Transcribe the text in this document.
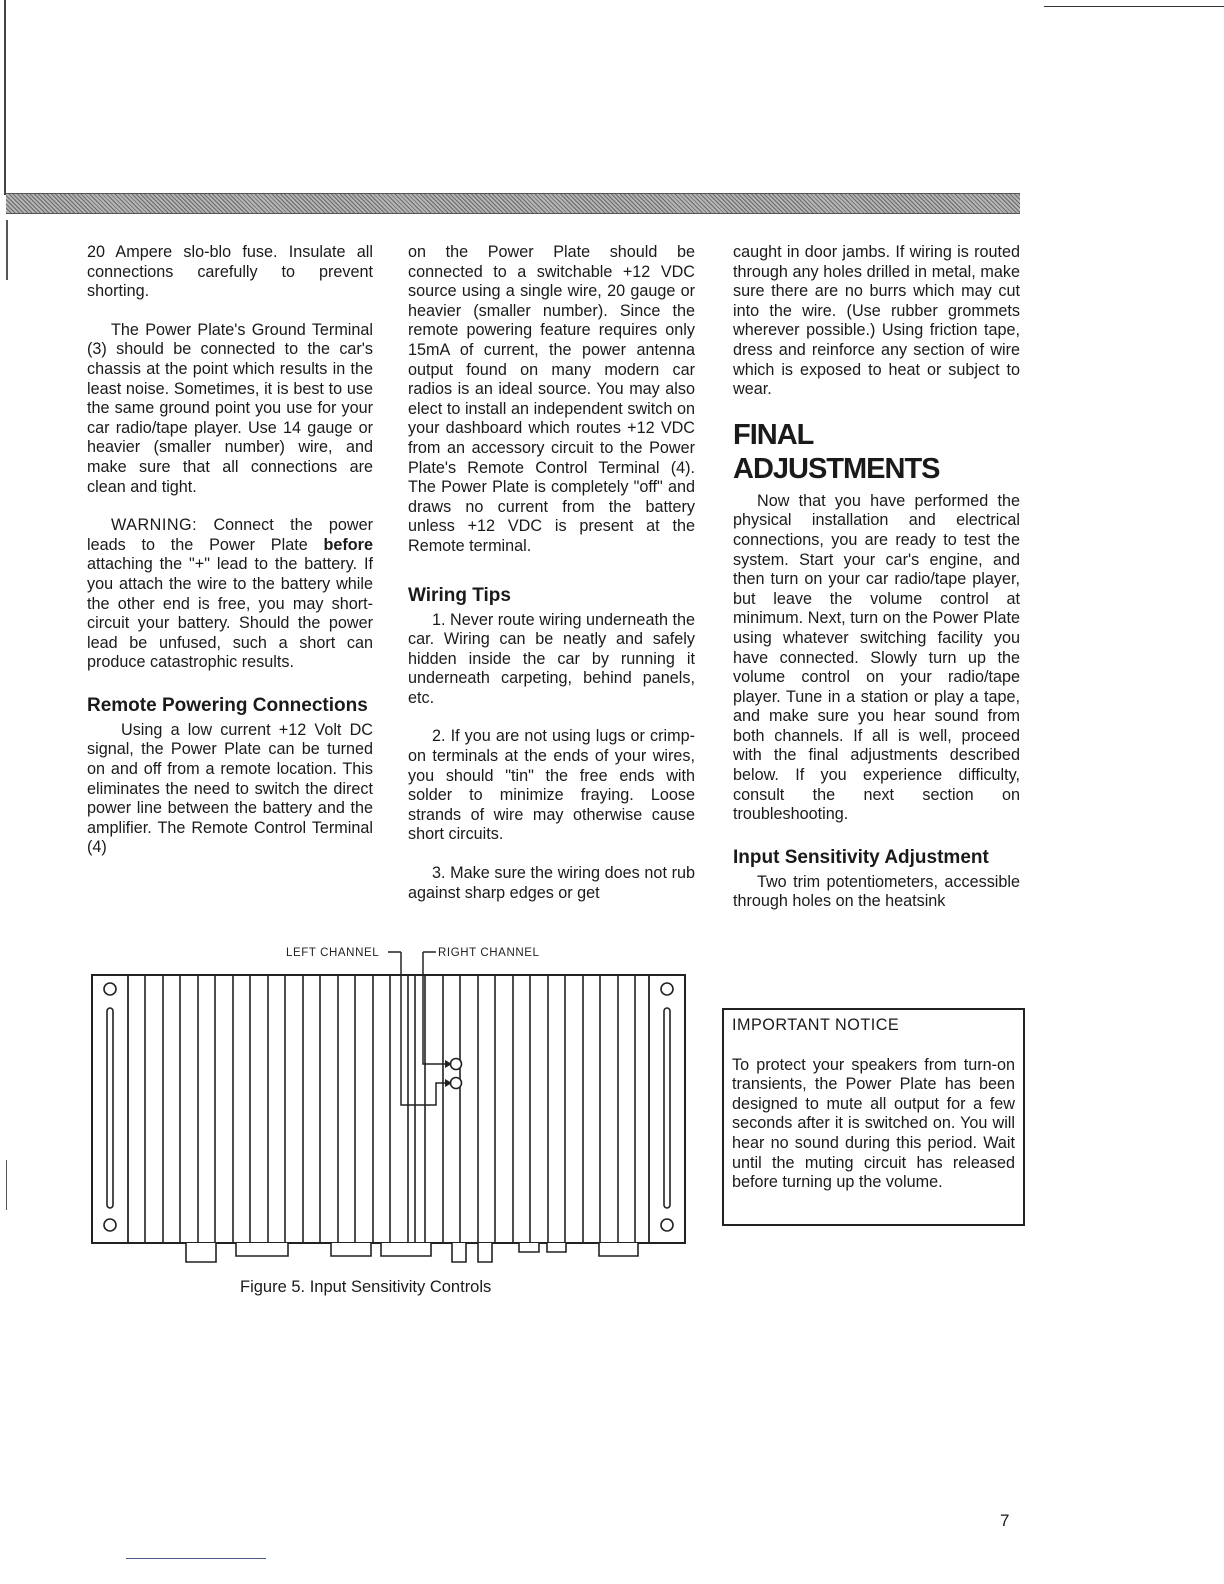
20 Ampere slo-blo fuse. Insulate all connections carefully to prevent shorting.

The Power Plate's Ground Terminal (3) should be connected to the car's chassis at the point which results in the least noise. Sometimes, it is best to use the same ground point you use for your car radio/tape player. Use 14 gauge or heavier (smaller number) wire, and make sure that all connections are clean and tight.

WARNING: Connect the power leads to the Power Plate before attaching the "+" lead to the battery. If you attach the wire to the battery while the other end is free, you may short-circuit your battery. Should the power lead be unfused, such a short can produce catastrophic results.

Remote Powering Connections

Using a low current +12 Volt DC signal, the Power Plate can be turned on and off from a remote location. This eliminates the need to switch the direct power line between the battery and the amplifier. The Remote Control Terminal (4)

on the Power Plate should be connected to a switchable +12 VDC source using a single wire, 20 gauge or heavier (smaller number). Since the remote powering feature requires only 15mA of current, the power antenna output found on many modern car radios is an ideal source. You may also elect to install an independent switch on your dashboard which routes +12 VDC from an accessory circuit to the Power Plate's Remote Control Terminal (4). The Power Plate is completely "off" and draws no current from the battery unless +12 VDC is present at the Remote terminal.

Wiring Tips

1. Never route wiring underneath the car. Wiring can be neatly and safely hidden inside the car by running it underneath carpeting, behind panels, etc.

2. If you are not using lugs or crimp-on terminals at the ends of your wires, you should "tin" the free ends with solder to minimize fraying. Loose strands of wire may otherwise cause short circuits.

3. Make sure the wiring does not rub against sharp edges or get

caught in door jambs. If wiring is routed through any holes drilled in metal, make sure there are no burrs which may cut into the wire. (Use rubber grommets wherever possible.) Using friction tape, dress and reinforce any section of wire which is exposed to heat or subject to wear.

FINAL ADJUSTMENTS

Now that you have performed the physical installation and electrical connections, you are ready to test the system. Start your car's engine, and then turn on your car radio/tape player, but leave the volume control at minimum. Next, turn on the Power Plate using whatever switching facility you have connected. Slowly turn up the volume control on your radio/tape player. Tune in a station or play a tape, and make sure you hear sound from both channels. If all is well, proceed with the final adjustments described below. If you experience difficulty, consult the next section on troubleshooting.

Input Sensitivity Adjustment

Two trim potentiometers, accessible through holes on the heatsink

LEFT CHANNEL	RIGHT CHANNEL
Figure 5. Input Sensitivity Controls

IMPORTANT NOTICE

To protect your speakers from turn-on transients, the Power Plate has been designed to mute all output for a few seconds after it is switched on. You will hear no sound during this period. Wait until the muting circuit has released before turning up the volume.

7
